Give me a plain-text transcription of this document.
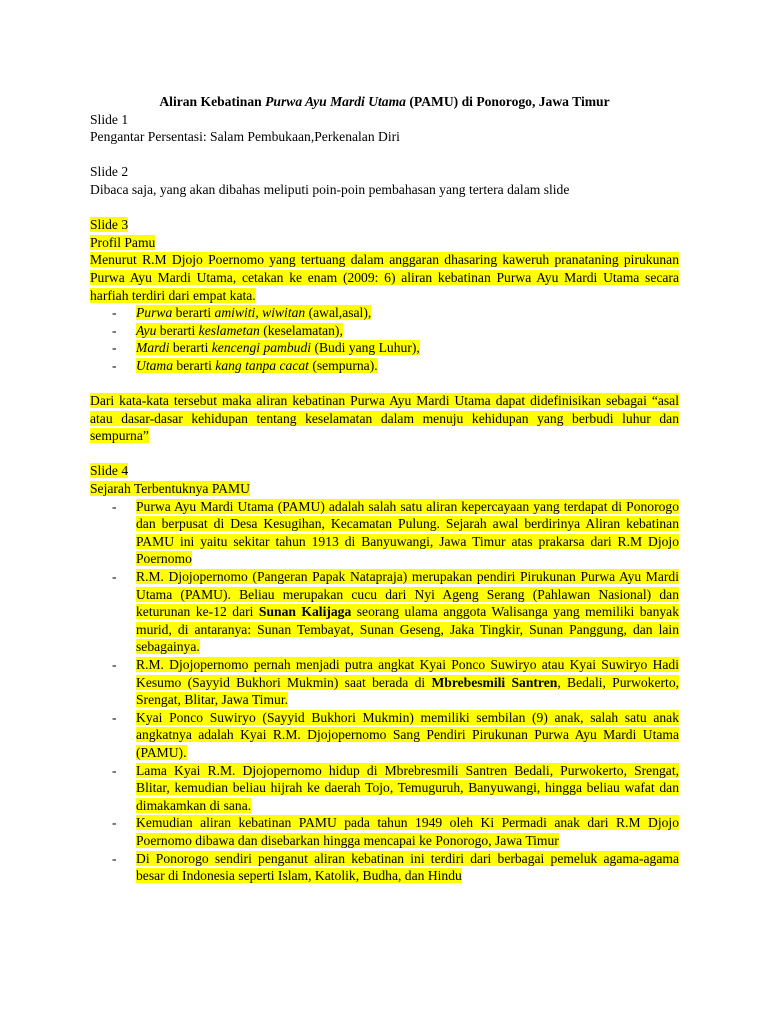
Aliran Kebatinan Purwa Ayu Mardi Utama (PAMU) di Ponorogo, Jawa Timur

Slide 1

Pengantar Persentasi: Salam Pembukaan,Perkenalan Diri

Slide 2

Dibaca saja, yang akan dibahas meliputi poin-poin pembahasan yang tertera dalam slide

Slide 3

Profil Pamu

Menurut R.M Djojo Poernomo yang tertuang dalam anggaran dhasaring kaweruh pranataning pirukunan Purwa Ayu Mardi Utama, cetakan ke enam (2009: 6) aliran kebatinan Purwa Ayu Mardi Utama secara harfiah terdiri dari empat kata.

- Purwa berarti amiwiti, wiwitan (awal,asal),
- Ayu berarti keslametan (keselamatan),
- Mardi berarti kencengi pambudi (Budi yang Luhur),
- Utama berarti kang tanpa cacat (sempurna).

Dari kata-kata tersebut maka aliran kebatinan Purwa Ayu Mardi Utama dapat didefinisikan sebagai “asal atau dasar-dasar kehidupan tentang keselamatan dalam menuju kehidupan yang berbudi luhur dan sempurna”

Slide 4

Sejarah Terbentuknya PAMU

- Purwa Ayu Mardi Utama (PAMU) adalah salah satu aliran kepercayaan yang terdapat di Ponorogo dan berpusat di Desa Kesugihan, Kecamatan Pulung. Sejarah awal berdirinya Aliran kebatinan PAMU ini yaitu sekitar tahun 1913 di Banyuwangi, Jawa Timur atas prakarsa dari R.M Djojo Poernomo
- R.M. Djojopernomo (Pangeran Papak Natapraja) merupakan pendiri Pirukunan Purwa Ayu Mardi Utama (PAMU). Beliau merupakan cucu dari Nyi Ageng Serang (Pahlawan Nasional) dan keturunan ke-12 dari Sunan Kalijaga seorang ulama anggota Walisanga yang memiliki banyak murid, di antaranya: Sunan Tembayat, Sunan Geseng, Jaka Tingkir, Sunan Panggung, dan lain sebagainya.
- R.M. Djojopernomo pernah menjadi putra angkat Kyai Ponco Suwiryo atau Kyai Suwiryo Hadi Kesumo (Sayyid Bukhori Mukmin) saat berada di Mbrebesmili Santren, Bedali, Purwokerto, Srengat, Blitar, Jawa Timur.
- Kyai Ponco Suwiryo (Sayyid Bukhori Mukmin) memiliki sembilan (9) anak, salah satu anak angkatnya adalah Kyai R.M. Djojopernomo Sang Pendiri Pirukunan Purwa Ayu Mardi Utama (PAMU).
- Lama Kyai R.M. Djojopernomo hidup di Mbrebresmili Santren Bedali, Purwokerto, Srengat, Blitar, kemudian beliau hijrah ke daerah Tojo, Temuguruh, Banyuwangi, hingga beliau wafat dan dimakamkan di sana.
- Kemudian aliran kebatinan PAMU pada tahun 1949 oleh Ki Permadi anak dari R.M Djojo Poernomo dibawa dan disebarkan hingga mencapai ke Ponorogo, Jawa Timur
- Di Ponorogo sendiri penganut aliran kebatinan ini terdiri dari berbagai pemeluk agama-agama besar di Indonesia seperti Islam, Katolik, Budha, dan Hindu
